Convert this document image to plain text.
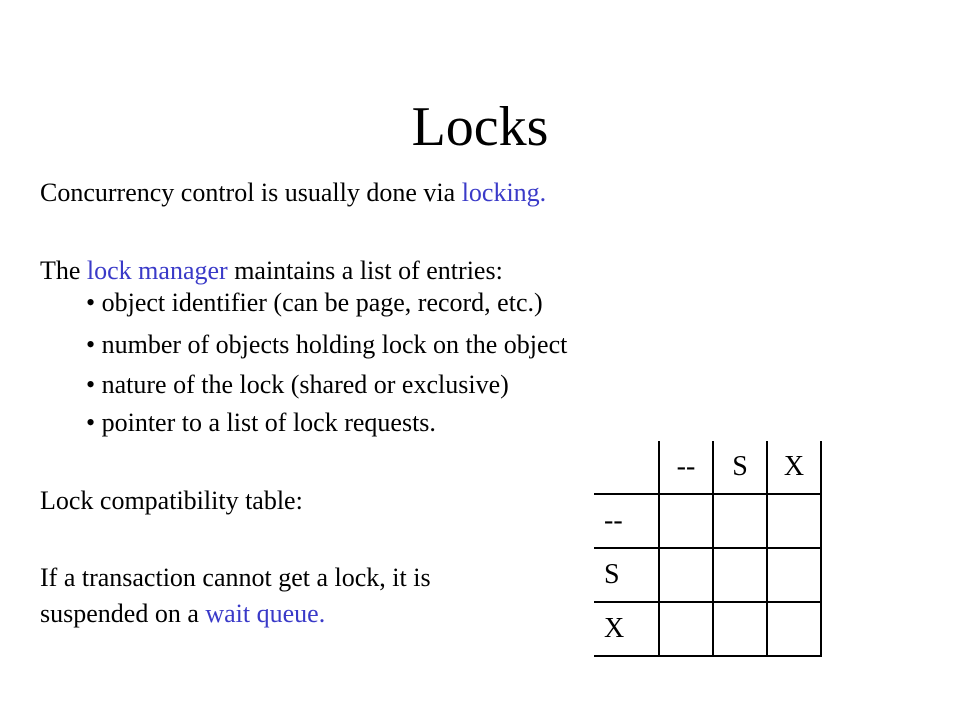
Locks
Concurrency control is usually done via locking.
The lock manager maintains a list of entries:
• object identifier (can be page, record, etc.)
• number of objects holding lock on the object
• nature of the lock (shared or exclusive)
• pointer to a list of lock requests.
Lock compatibility table:
If a transaction cannot get a lock, it is
suspended on a wait queue.
	--	S	X
--			
S			
X			
